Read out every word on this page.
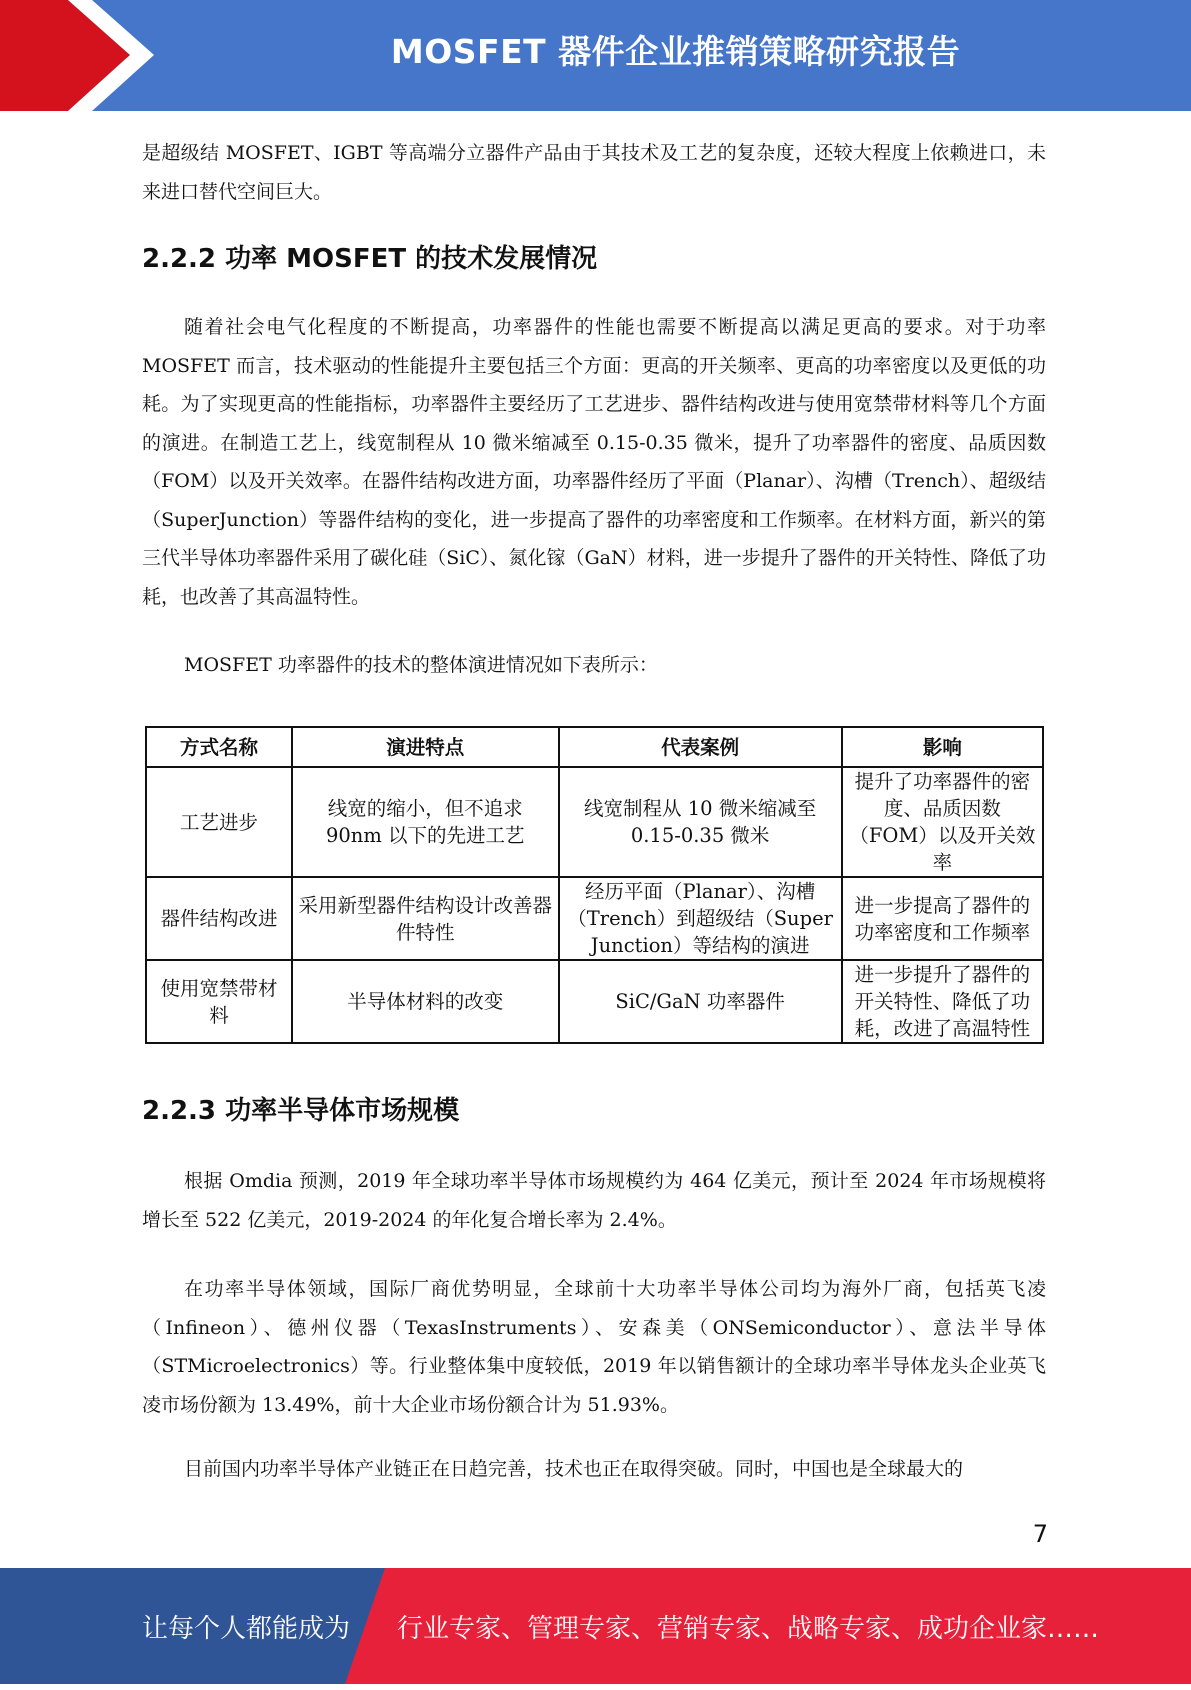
MOSFET 器件企业推销策略研究报告

是超级结 MOSFET、IGBT 等高端分立器件产品由于其技术及工艺的复杂度，还较大程度上依赖进口，未来进口替代空间巨大。

2.2.2 功率 MOSFET 的技术发展情况

随着社会电气化程度的不断提高，功率器件的性能也需要不断提高以满足更高的要求。对于功率 MOSFET 而言，技术驱动的性能提升主要包括三个方面：更高的开关频率、更高的功率密度以及更低的功耗。为了实现更高的性能指标，功率器件主要经历了工艺进步、器件结构改进与使用宽禁带材料等几个方面的演进。在制造工艺上，线宽制程从 10 微米缩减至 0.15-0.35 微米，提升了功率器件的密度、品质因数（FOM）以及开关效率。在器件结构改进方面，功率器件经历了平面（Planar）、沟槽（Trench）、超级结（SuperJunction）等器件结构的变化，进一步提高了器件的功率密度和工作频率。在材料方面，新兴的第三代半导体功率器件采用了碳化硅（SiC）、氮化镓（GaN）材料，进一步提升了器件的开关特性、降低了功耗，也改善了其高温特性。

MOSFET 功率器件的技术的整体演进情况如下表所示：

方式名称	演进特点	代表案例	影响
工艺进步	线宽的缩小，但不追求 90nm 以下的先进工艺	线宽制程从 10 微米缩减至 0.15-0.35 微米	提升了功率器件的密度、品质因数（FOM）以及开关效率
器件结构改进	采用新型器件结构设计改善器件特性	经历平面（Planar）、沟槽（Trench）到超级结（Super Junction）等结构的演进	进一步提高了器件的功率密度和工作频率
使用宽禁带材料	半导体材料的改变	SiC/GaN 功率器件	进一步提升了器件的开关特性、降低了功耗，改进了高温特性
2.2.3 功率半导体市场规模

根据 Omdia 预测，2019 年全球功率半导体市场规模约为 464 亿美元，预计至 2024 年市场规模将增长至 522 亿美元，2019-2024 的年化复合增长率为 2.4%。

在功率半导体领域，国际厂商优势明显，全球前十大功率半导体公司均为海外厂商，包括英飞凌（Infineon）、德州仪器（TexasInstruments）、安森美（ONSemiconductor）、意法半导体（STMicroelectronics）等。行业整体集中度较低，2019 年以销售额计的全球功率半导体龙头企业英飞凌市场份额为 13.49%，前十大企业市场份额合计为 51.93%。

目前国内功率半导体产业链正在日趋完善，技术也正在取得突破。同时，中国也是全球最大的

7
让每个人都能成为 行业专家、管理专家、营销专家、战略专家、成功企业家……
